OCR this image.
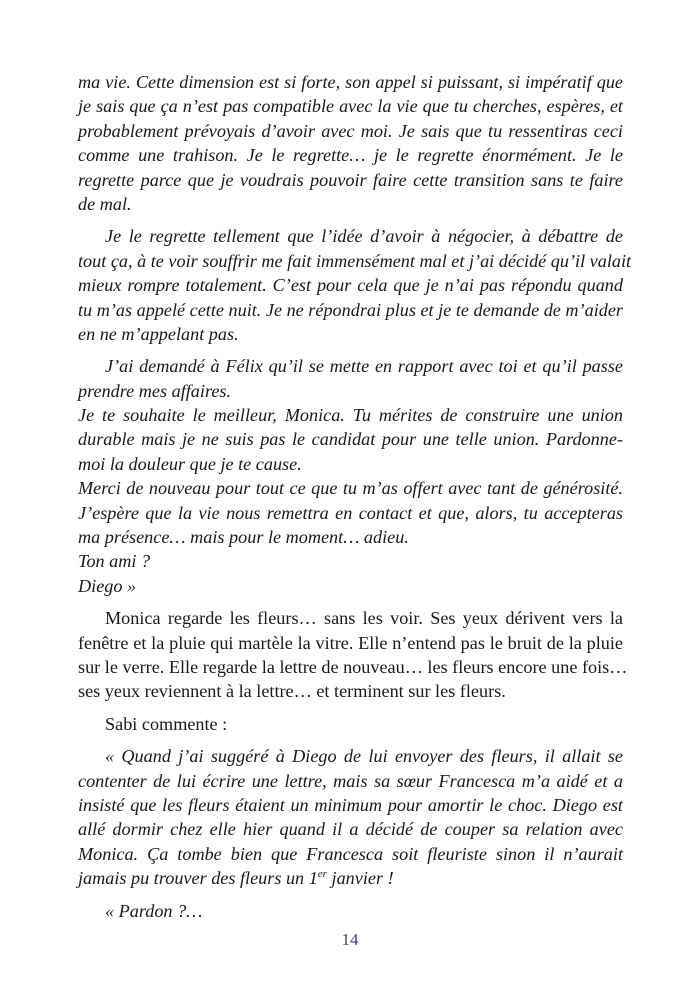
ma vie. Cette dimension est si forte, son appel si puissant, si impératif que
je sais que ça n’est pas compatible avec la vie que tu cherches, espères, et
probablement prévoyais d’avoir avec moi. Je sais que tu ressentiras ceci
comme une trahison. Je le regrette… je le regrette énormément. Je le
regrette parce que je voudrais pouvoir faire cette transition sans te faire
de mal.
Je le regrette tellement que l’idée d’avoir à négocier, à débattre de
tout ça, à te voir souffrir me fait immensément mal et j’ai décidé qu’il valait
mieux rompre totalement. C’est pour cela que je n’ai pas répondu quand
tu m’as appelé cette nuit. Je ne répondrai plus et je te demande de m’aider
en ne m’appelant pas.
J’ai demandé à Félix qu’il se mette en rapport avec toi et qu’il passe
prendre mes affaires.
Je te souhaite le meilleur, Monica. Tu mérites de construire une union
durable mais je ne suis pas le candidat pour une telle union. Pardonne-
moi la douleur que je te cause.
Merci de nouveau pour tout ce que tu m’as offert avec tant de générosité.
J’espère que la vie nous remettra en contact et que, alors, tu accepteras
ma présence… mais pour le moment… adieu.
Ton ami ?
Diego »
Monica regarde les fleurs… sans les voir. Ses yeux dérivent vers la
fenêtre et la pluie qui martèle la vitre. Elle n’entend pas le bruit de la pluie
sur le verre. Elle regarde la lettre de nouveau… les fleurs encore une fois…
ses yeux reviennent à la lettre… et terminent sur les fleurs.
Sabi commente :
« Quand j’ai suggéré à Diego de lui envoyer des fleurs, il allait se
contenter de lui écrire une lettre, mais sa sœur Francesca m’a aidé et a
insisté que les fleurs étaient un minimum pour amortir le choc. Diego est
allé dormir chez elle hier quand il a décidé de couper sa relation avec
Monica. Ça tombe bien que Francesca soit fleuriste sinon il n’aurait
jamais pu trouver des fleurs un 1er janvier !
« Pardon ?…
14
